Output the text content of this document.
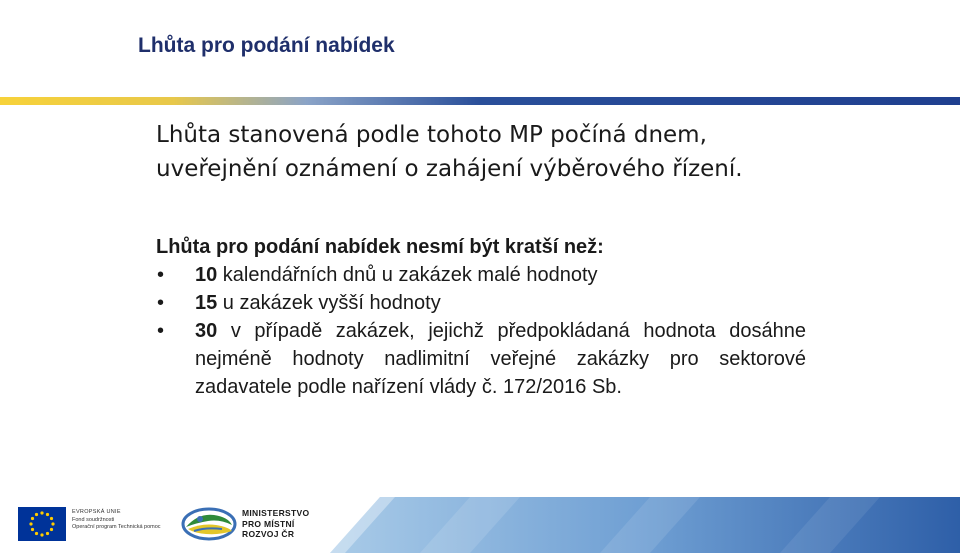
Lhůta pro podání nabídek
Lhůta stanovená podle tohoto MP počíná dnem,
uveřejnění oznámení o zahájení výběrového řízení.
Lhůta pro podání nabídek nesmí být kratší než:
•	10 kalendářních dnů u zakázek malé hodnoty
•	15 u zakázek vyšší hodnoty
•	30 v případě zakázek, jejichž předpokládaná hodnota dosáhne nejméně hodnoty nadlimitní veřejné zakázky pro sektorové zadavatele podle nařízení vlády č. 172/2016 Sb.
EVROPSKÁ UNIE
Fond soudržnosti
Operační program Technická pomoc
MINISTERSTVO
PRO MÍSTNÍ
ROZVOJ ČR
